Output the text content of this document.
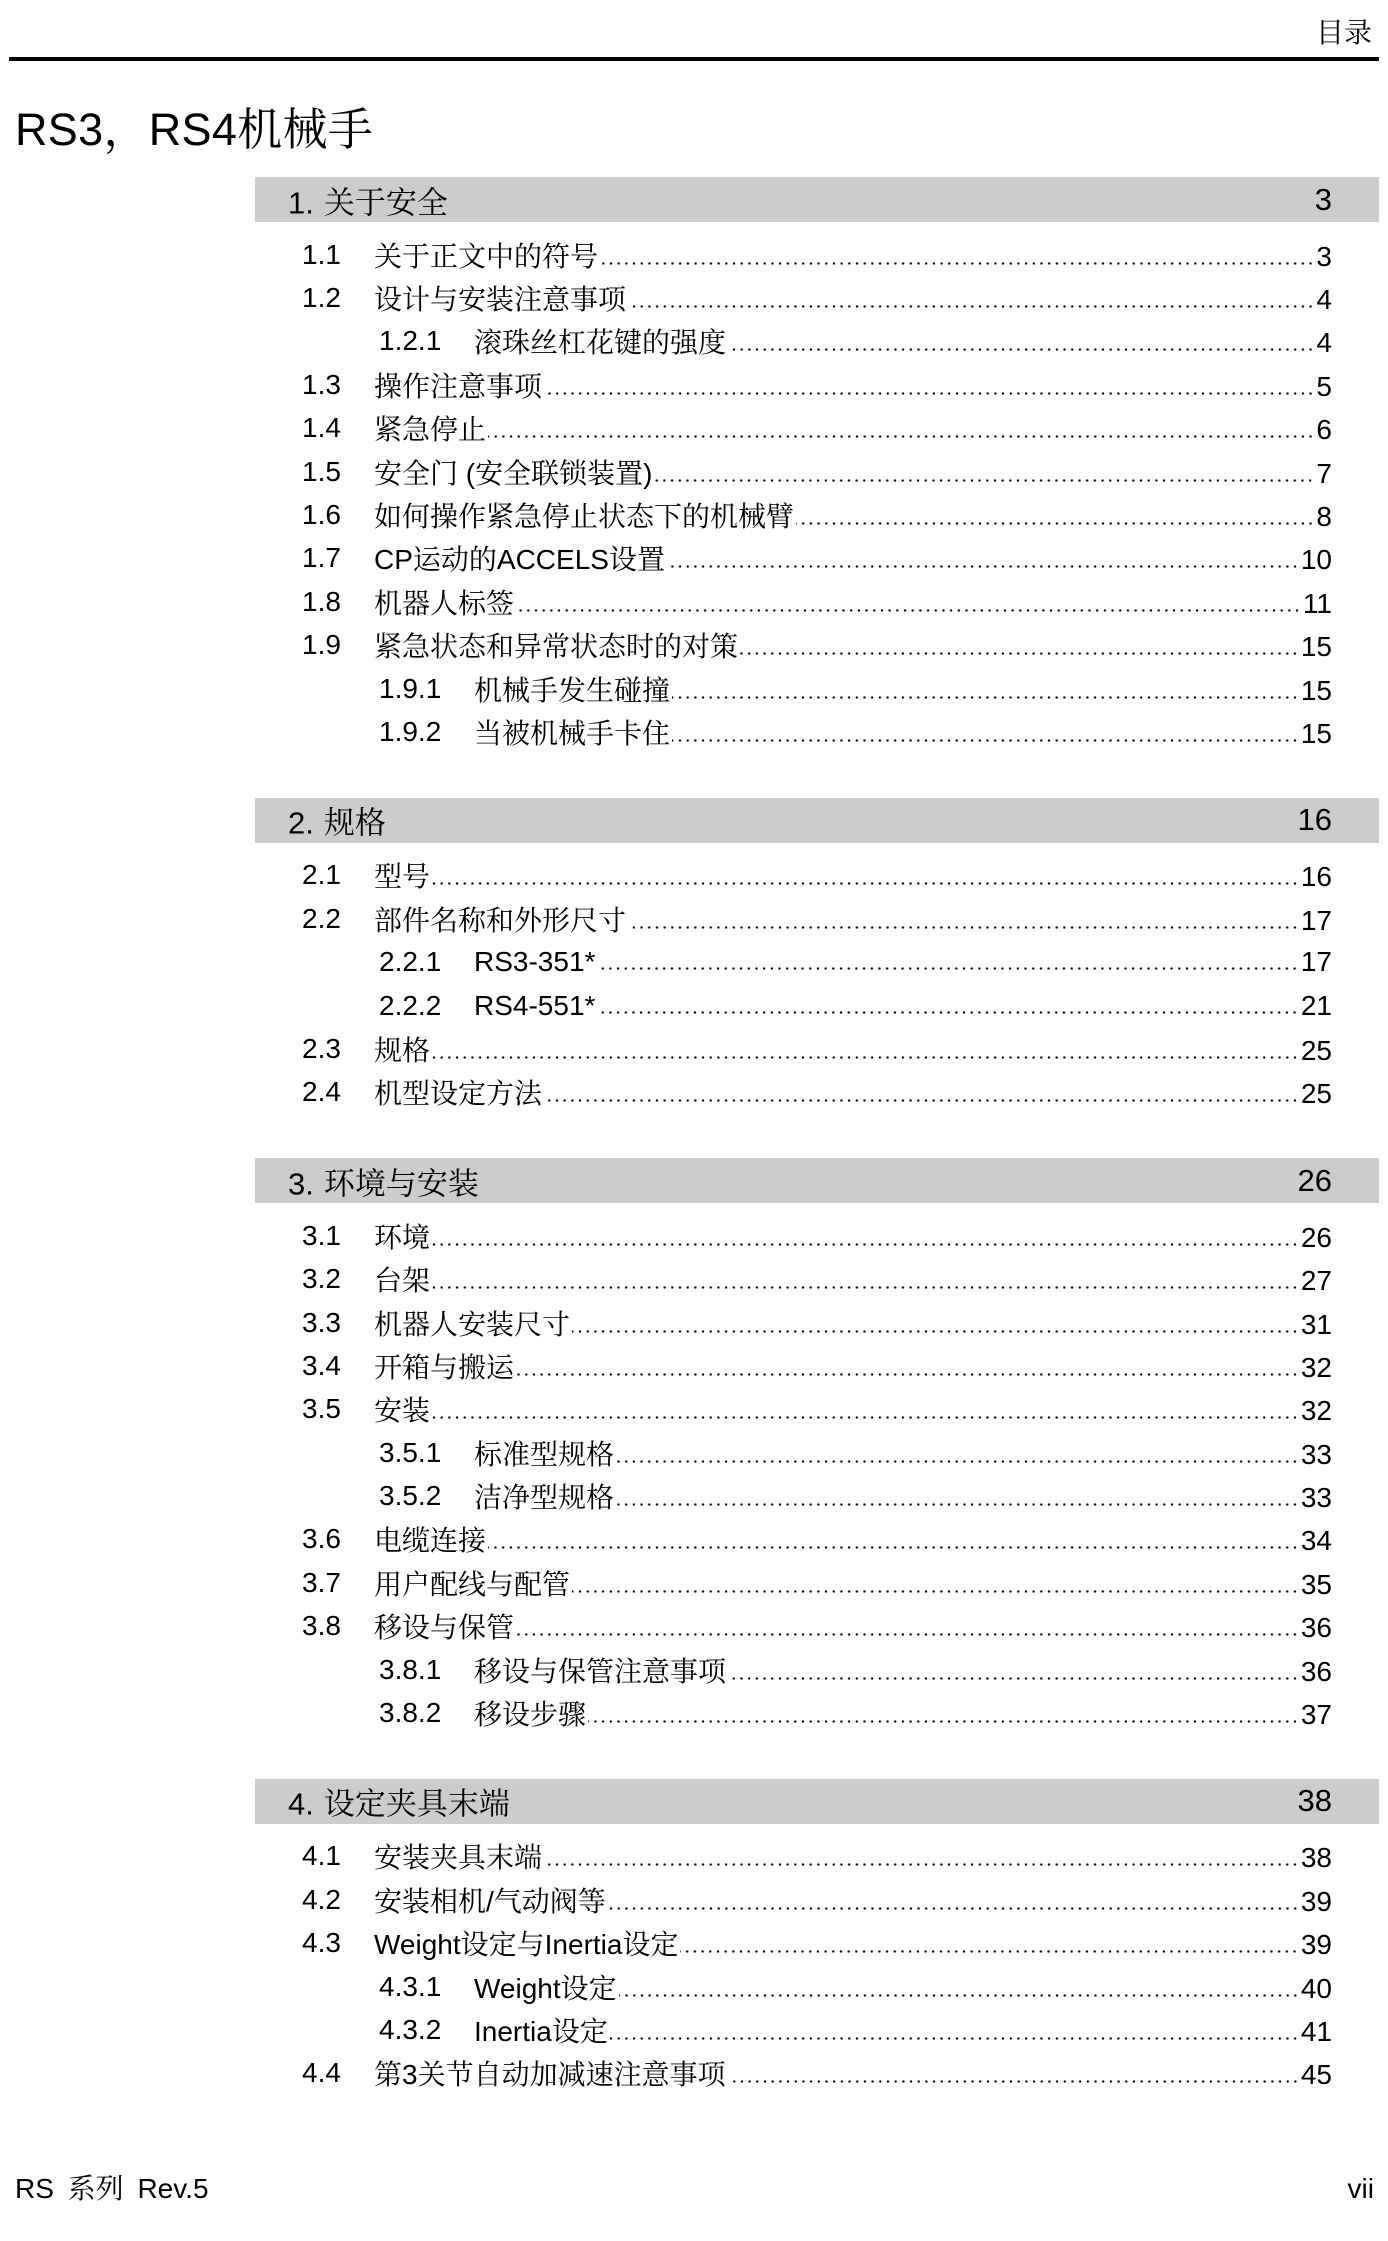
目录
RS3，RS4机械手
1. 关于安全	3
1.1 关于正文中的符号	3
1.2 设计与安装注意事项	4
1.2.1 滚珠丝杠花键的强度	4
1.3 操作注意事项	5
1.4 紧急停止	6
1.5 安全门 (安全联锁装置)	7
1.6 如何操作紧急停止状态下的机械臂	8
1.7 CP运动的ACCELS设置	10
1.8 机器人标签	11
1.9 紧急状态和异常状态时的对策	15
1.9.1 机械手发生碰撞	15
1.9.2 当被机械手卡住	15
2. 规格	16
2.1 型号	16
2.2 部件名称和外形尺寸	17
2.2.1 RS3-351*	17
2.2.2 RS4-551*	21
2.3 规格	25
2.4 机型设定方法	25
3. 环境与安装	26
3.1 环境	26
3.2 台架	27
3.3 机器人安装尺寸	31
3.4 开箱与搬运	32
3.5 安装	32
3.5.1 标准型规格	33
3.5.2 洁净型规格	33
3.6 电缆连接	34
3.7 用户配线与配管	35
3.8 移设与保管	36
3.8.1 移设与保管注意事项	36
3.8.2 移设步骤	37
4. 设定夹具末端	38
4.1 安装夹具末端	38
4.2 安装相机/气动阀等	39
4.3 Weight设定与Inertia设定	39
4.3.1 Weight设定	40
4.3.2 Inertia设定	41
4.4 第3关节自动加减速注意事项	45
RS 系列 Rev.5	vii
